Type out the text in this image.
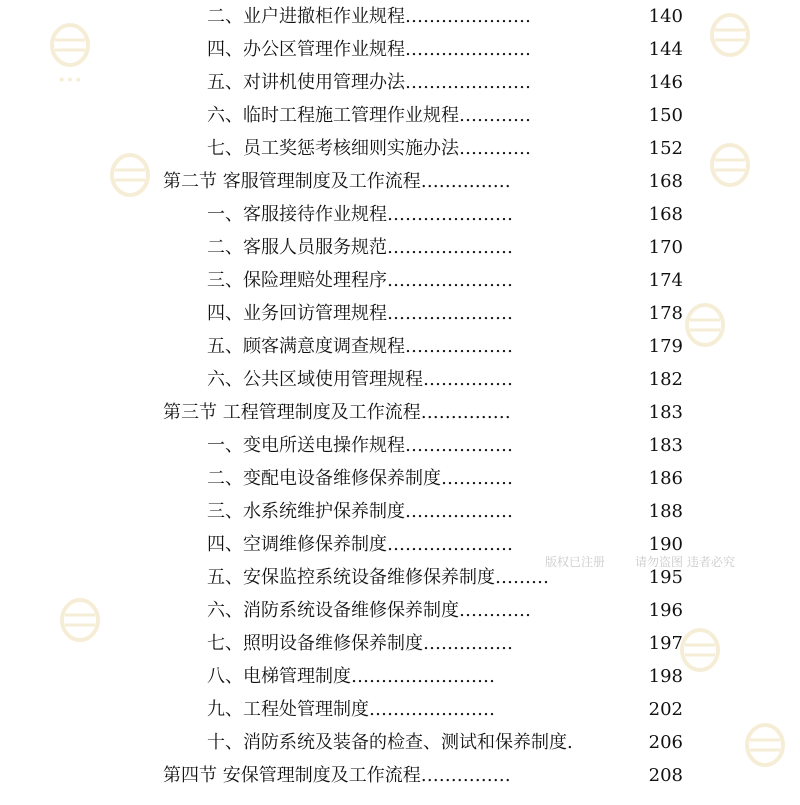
•••
版权已注册 请勿盗图 违者必究
二、业户进撤柜作业规程…………………	140
四、办公区管理作业规程…………………	144
五、对讲机使用管理办法…………………	146
六、临时工程施工管理作业规程…………	150
七、员工奖惩考核细则实施办法…………	152
第二节 客服管理制度及工作流程……………	168
一、客服接待作业规程…………………	168
二、客服人员服务规范…………………	170
三、保险理赔处理程序…………………	174
四、业务回访管理规程…………………	178
五、顾客满意度调查规程………………	179
六、公共区域使用管理规程……………	182
第三节 工程管理制度及工作流程……………	183
一、变电所送电操作规程………………	183
二、变配电设备维修保养制度…………	186
三、水系统维护保养制度………………	188
四、空调维修保养制度…………………	190
五、安保监控系统设备维修保养制度………	195
六、消防系统设备维修保养制度…………	196
七、照明设备维修保养制度……………	197
八、电梯管理制度……………………	198
九、工程处管理制度…………………	202
十、消防系统及装备的检查、测试和保养制度.	206
第四节 安保管理制度及工作流程……………	208
